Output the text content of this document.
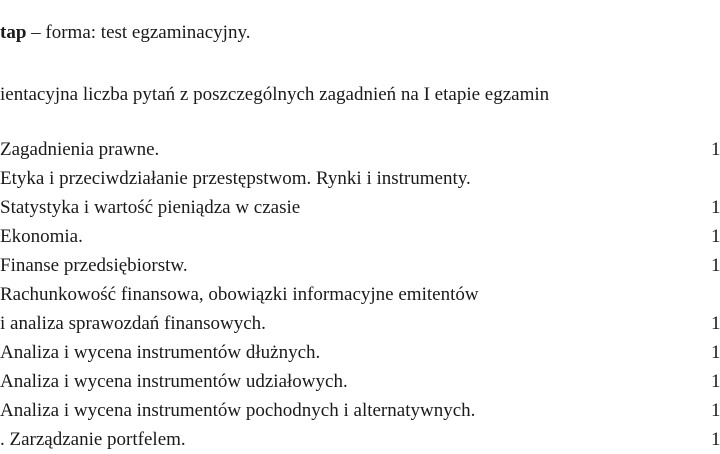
tap – forma: test egzaminacyjny.
ientacyjna liczba pytań z poszczególnych zagadnień na I etapie egzamin
Zagadnienia prawne.	1
Etyka i przeciwdziałanie przestępstwom. Rynki i instrumenty.
Statystyka i wartość pieniądza w czasie	1
Ekonomia.	1
Finanse przedsiębiorstw.	1
Rachunkowość finansowa, obowiązki informacyjne emitentów
i analiza sprawozdań finansowych.	1
Analiza i wycena instrumentów dłużnych.	1
Analiza i wycena instrumentów udziałowych.	1
Analiza i wycena instrumentów pochodnych i alternatywnych.	1
. Zarządzanie portfelem.	1
